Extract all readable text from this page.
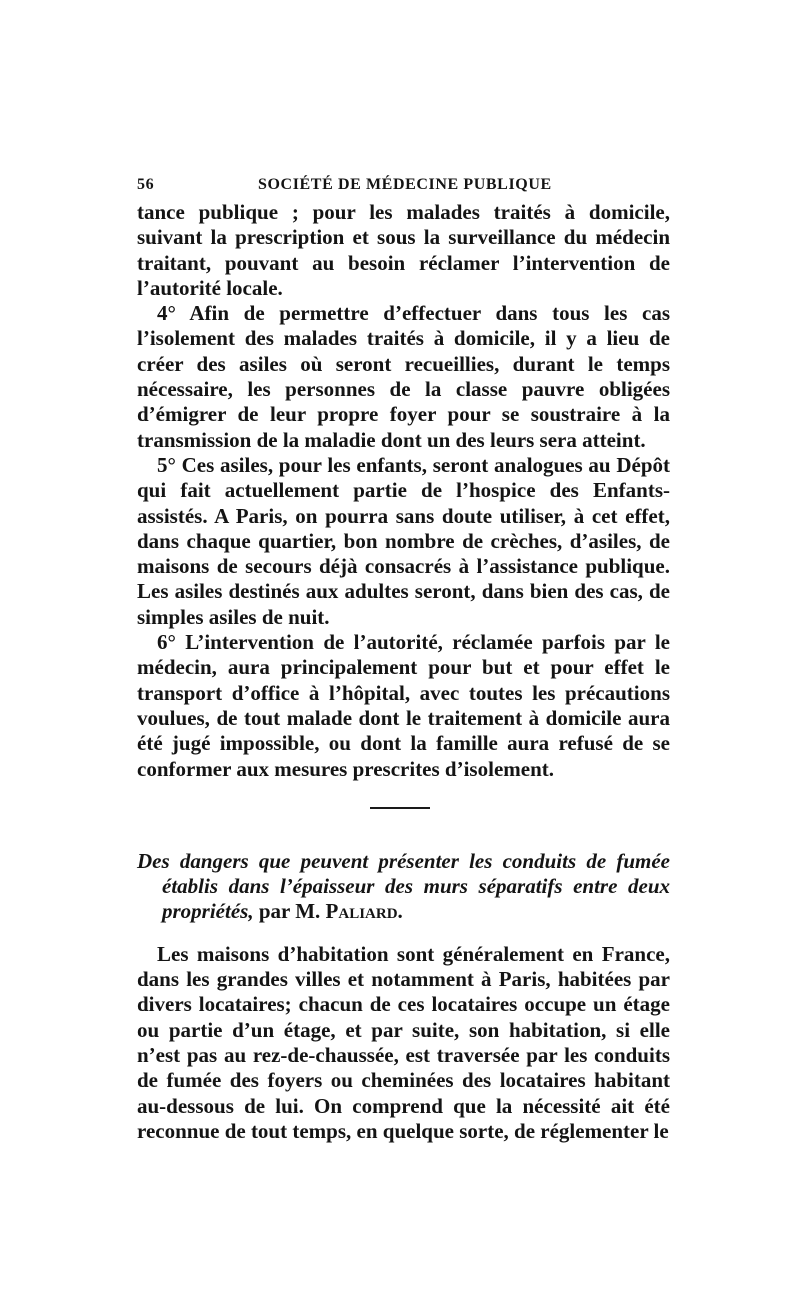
56	SOCIÉTÉ DE MÉDECINE PUBLIQUE

tance publique ; pour les malades traités à domicile, suivant la prescription et sous la surveillance du médecin traitant, pouvant au besoin réclamer l’intervention de l’autorité locale.

4° Afin de permettre d’effectuer dans tous les cas l’isolement des malades traités à domicile, il y a lieu de créer des asiles où seront recueillies, durant le temps nécessaire, les personnes de la classe pauvre obligées d’émigrer de leur propre foyer pour se soustraire à la transmission de la maladie dont un des leurs sera atteint.

5° Ces asiles, pour les enfants, seront analogues au Dépôt qui fait actuellement partie de l’hospice des Enfants-assistés. A Paris, on pourra sans doute utiliser, à cet effet, dans chaque quartier, bon nombre de crèches, d’asiles, de maisons de secours déjà consacrés à l’assistance publique. Les asiles destinés aux adultes seront, dans bien des cas, de simples asiles de nuit.

6° L’intervention de l’autorité, réclamée parfois par le médecin, aura principalement pour but et pour effet le transport d’office à l’hôpital, avec toutes les précautions voulues, de tout malade dont le traitement à domicile aura été jugé impossible, ou dont la famille aura refusé de se conformer aux mesures prescrites d’isolement.

Des dangers que peuvent présenter les conduits de fumée
établis dans l’épaisseur des murs séparatifs entre deux propriétés, par M. Paliard.

Les maisons d’habitation sont généralement en France, dans les grandes villes et notamment à Paris, habitées par divers locataires; chacun de ces locataires occupe un étage ou partie d’un étage, et par suite, son habitation, si elle n’est pas au rez-de-chaussée, est traversée par les conduits de fumée des foyers ou cheminées des locataires habitant au-dessous de lui. On comprend que la nécessité ait été reconnue de tout temps, en quelque sorte, de réglementer le
